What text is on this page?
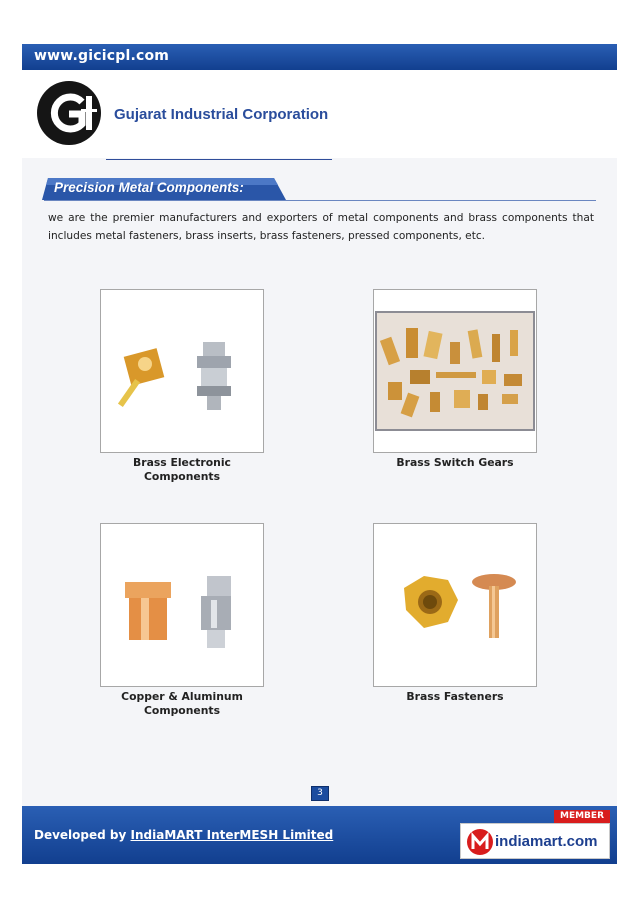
www.gicicpl.com
Gujarat Industrial Corporation
Precision Metal Components:

we are the premier manufacturers and exporters of metal components and brass components that includes metal fasteners, brass inserts, brass fasteners, pressed components, etc.

Brass Electronic Components
Brass Switch Gears
Copper & Aluminum Components
Brass Fasteners
3
Developed by IndiaMART InterMESH Limited
MEMBER
indiamart.com
